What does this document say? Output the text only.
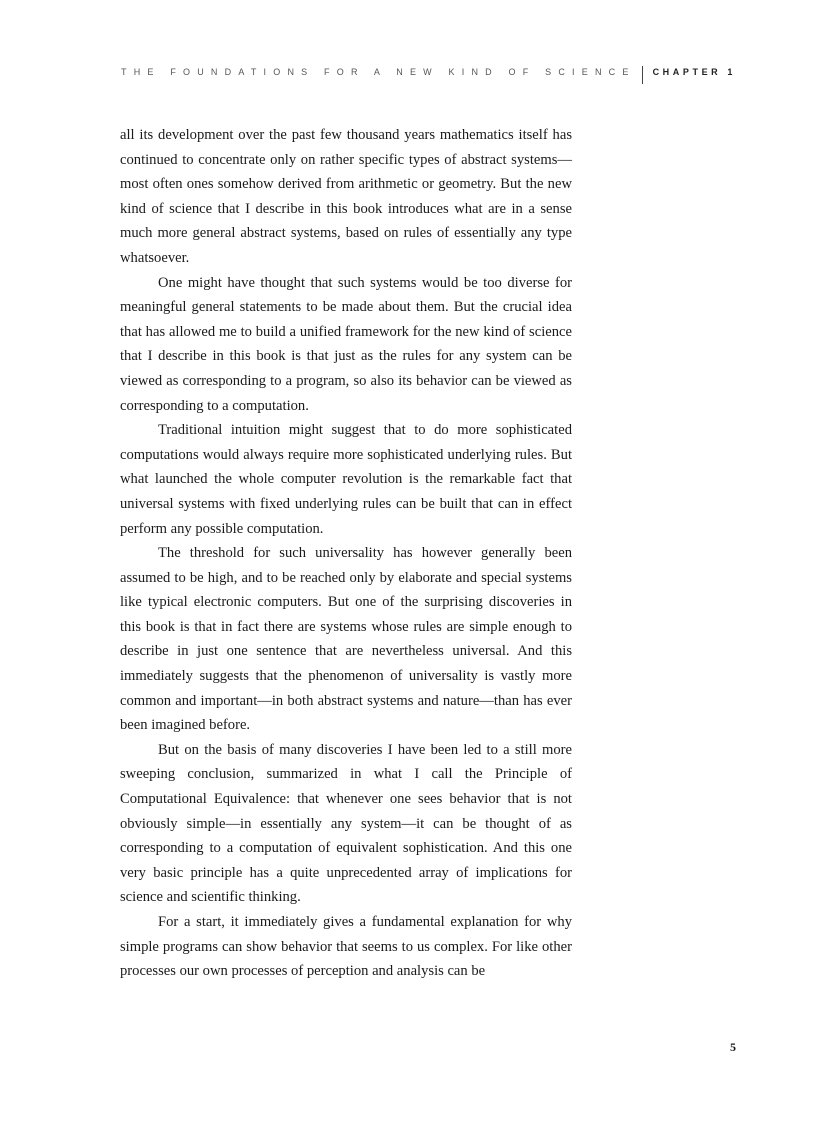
THE FOUNDATIONS FOR A NEW KIND OF SCIENCE CHAPTER 1

all its development over the past few thousand years mathematics itself has continued to concentrate only on rather specific types of abstract systems—most often ones somehow derived from arithmetic or geometry. But the new kind of science that I describe in this book introduces what are in a sense much more general abstract systems, based on rules of essentially any type whatsoever.

One might have thought that such systems would be too diverse for meaningful general statements to be made about them. But the crucial idea that has allowed me to build a unified framework for the new kind of science that I describe in this book is that just as the rules for any system can be viewed as corresponding to a program, so also its behavior can be viewed as corresponding to a computation.

Traditional intuition might suggest that to do more sophisticated computations would always require more sophisticated underlying rules. But what launched the whole computer revolution is the remarkable fact that universal systems with fixed underlying rules can be built that can in effect perform any possible computation.

The threshold for such universality has however generally been assumed to be high, and to be reached only by elaborate and special systems like typical electronic computers. But one of the surprising discoveries in this book is that in fact there are systems whose rules are simple enough to describe in just one sentence that are nevertheless universal. And this immediately suggests that the phenomenon of universality is vastly more common and important—in both abstract systems and nature—than has ever been imagined before.

But on the basis of many discoveries I have been led to a still more sweeping conclusion, summarized in what I call the Principle of Computational Equivalence: that whenever one sees behavior that is not obviously simple—in essentially any system—it can be thought of as corresponding to a computation of equivalent sophistication. And this one very basic principle has a quite unprecedented array of implications for science and scientific thinking.

For a start, it immediately gives a fundamental explanation for why simple programs can show behavior that seems to us complex. For like other processes our own processes of perception and analysis can be

5
